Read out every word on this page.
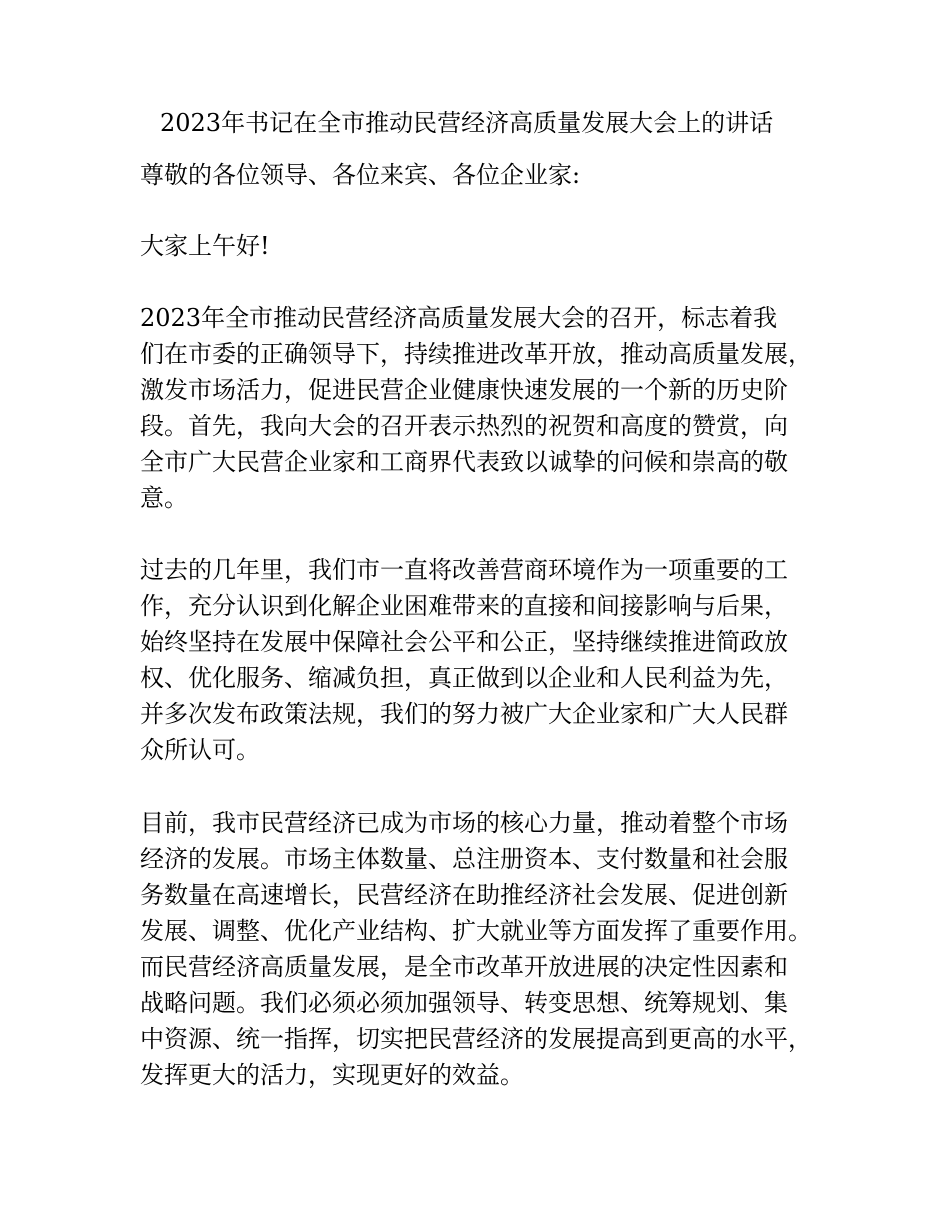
2023年书记在全市推动民营经济高质量发展大会上的讲话
尊敬的各位领导、各位来宾、各位企业家:
大家上午好!
2023年全市推动民营经济高质量发展大会的召开，标志着我
们在市委的正确领导下，持续推进改革开放，推动高质量发展，
激发市场活力，促进民营企业健康快速发展的一个新的历史阶
段。首先，我向大会的召开表示热烈的祝贺和高度的赞赏，向
全市广大民营企业家和工商界代表致以诚挚的问候和崇高的敬
意。
过去的几年里，我们市一直将改善营商环境作为一项重要的工
作，充分认识到化解企业困难带来的直接和间接影响与后果，
始终坚持在发展中保障社会公平和公正，坚持继续推进简政放
权、优化服务、缩减负担，真正做到以企业和人民利益为先，
并多次发布政策法规，我们的努力被广大企业家和广大人民群
众所认可。
目前，我市民营经济已成为市场的核心力量，推动着整个市场
经济的发展。市场主体数量、总注册资本、支付数量和社会服
务数量在高速增长，民营经济在助推经济社会发展、促进创新
发展、调整、优化产业结构、扩大就业等方面发挥了重要作用。
而民营经济高质量发展，是全市改革开放进展的决定性因素和
战略问题。我们必须必须加强领导、转变思想、统筹规划、集
中资源、统一指挥，切实把民营经济的发展提高到更高的水平，
发挥更大的活力，实现更好的效益。
